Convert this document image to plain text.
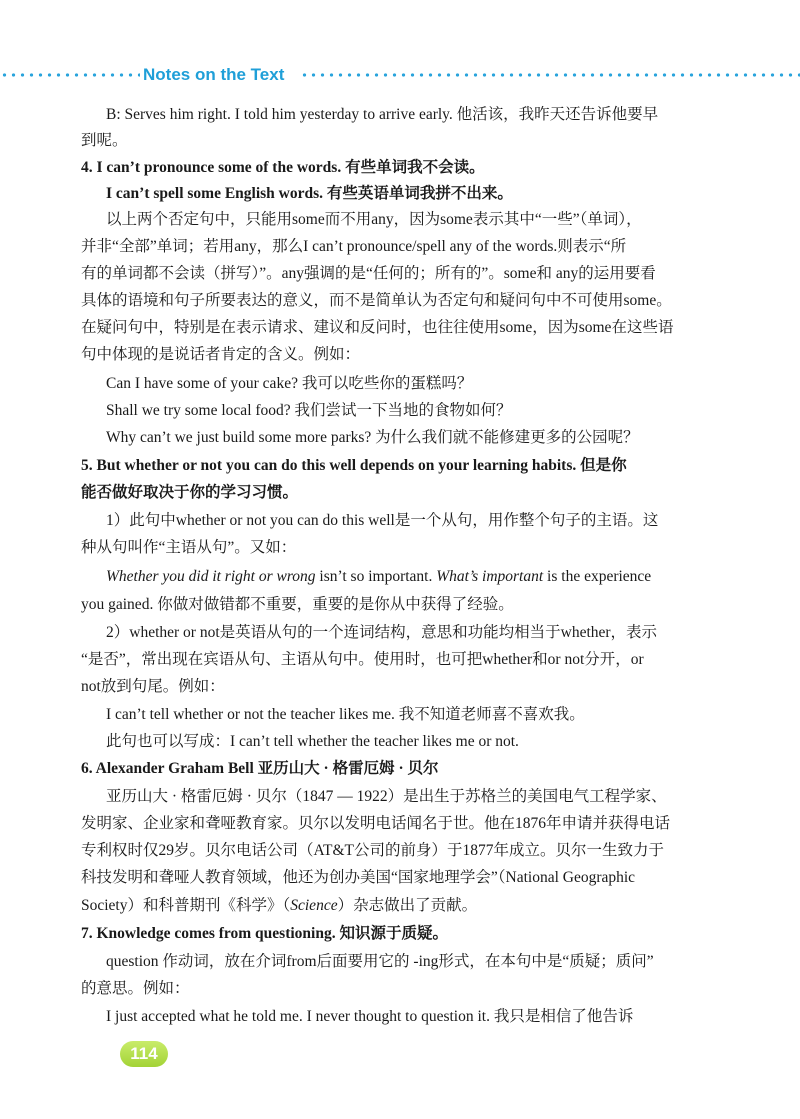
Notes on the Text
B: Serves him right. I told him yesterday to arrive early. 他活该，我昨天还告诉他要早
到呢。
4. I can’t pronounce some of the words. 有些单词我不会读。
I can’t spell some English words. 有些英语单词我拼不出来。
以上两个否定句中，只能用some而不用any，因为some表示其中“一些”（单词），
并非“全部”单词；若用any，那么I can’t pronounce/spell any of the words.则表示“所
有的单词都不会读（拼写）”。any强调的是“任何的；所有的”。some和 any的运用要看
具体的语境和句子所要表达的意义，而不是简单认为否定句和疑问句中不可使用some。
在疑问句中，特别是在表示请求、建议和反问时，也往往使用some，因为some在这些语
句中体现的是说话者肯定的含义。例如：
Can I have some of your cake? 我可以吃些你的蛋糕吗？
Shall we try some local food? 我们尝试一下当地的食物如何？
Why can’t we just build some more parks? 为什么我们就不能修建更多的公园呢？
5. But whether or not you can do this well depends on your learning habits. 但是你
能否做好取决于你的学习习惯。
1）此句中whether or not you can do this well是一个从句，用作整个句子的主语。这
种从句叫作“主语从句”。又如：
you gained. 你做对做错都不重要，重要的是你从中获得了经验。
2）whether or not是英语从句的一个连词结构，意思和功能均相当于whether，表示
“是否”，常出现在宾语从句、主语从句中。使用时，也可把whether和or not分开，or
not放到句尾。例如：
I can’t tell whether or not the teacher likes me. 我不知道老师喜不喜欢我。
此句也可以写成：I can’t tell whether the teacher likes me or not.
6. Alexander Graham Bell 亚历山大 · 格雷厄姆 · 贝尔
亚历山大 · 格雷厄姆 · 贝尔（1847 — 1922）是出生于苏格兰的美国电气工程学家、
发明家、企业家和聋哑教育家。贝尔以发明电话闻名于世。他在1876年申请并获得电话
专利权时仅29岁。贝尔电话公司（AT&T公司的前身）于1877年成立。贝尔一生致力于
科技发明和聋哑人教育领域，他还为创办美国“国家地理学会”（National Geographic
7. Knowledge comes from questioning. 知识源于质疑。
question 作动词，放在介词from后面要用它的 -ing形式，在本句中是“质疑；质问”
的意思。例如：
I just accepted what he told me. I never thought to question it. 我只是相信了他告诉
Whether you did it right or wrong isn’t so important. What’s important is the experience
Society）和科普期刊《科学》（Science）杂志做出了贡献。
114
